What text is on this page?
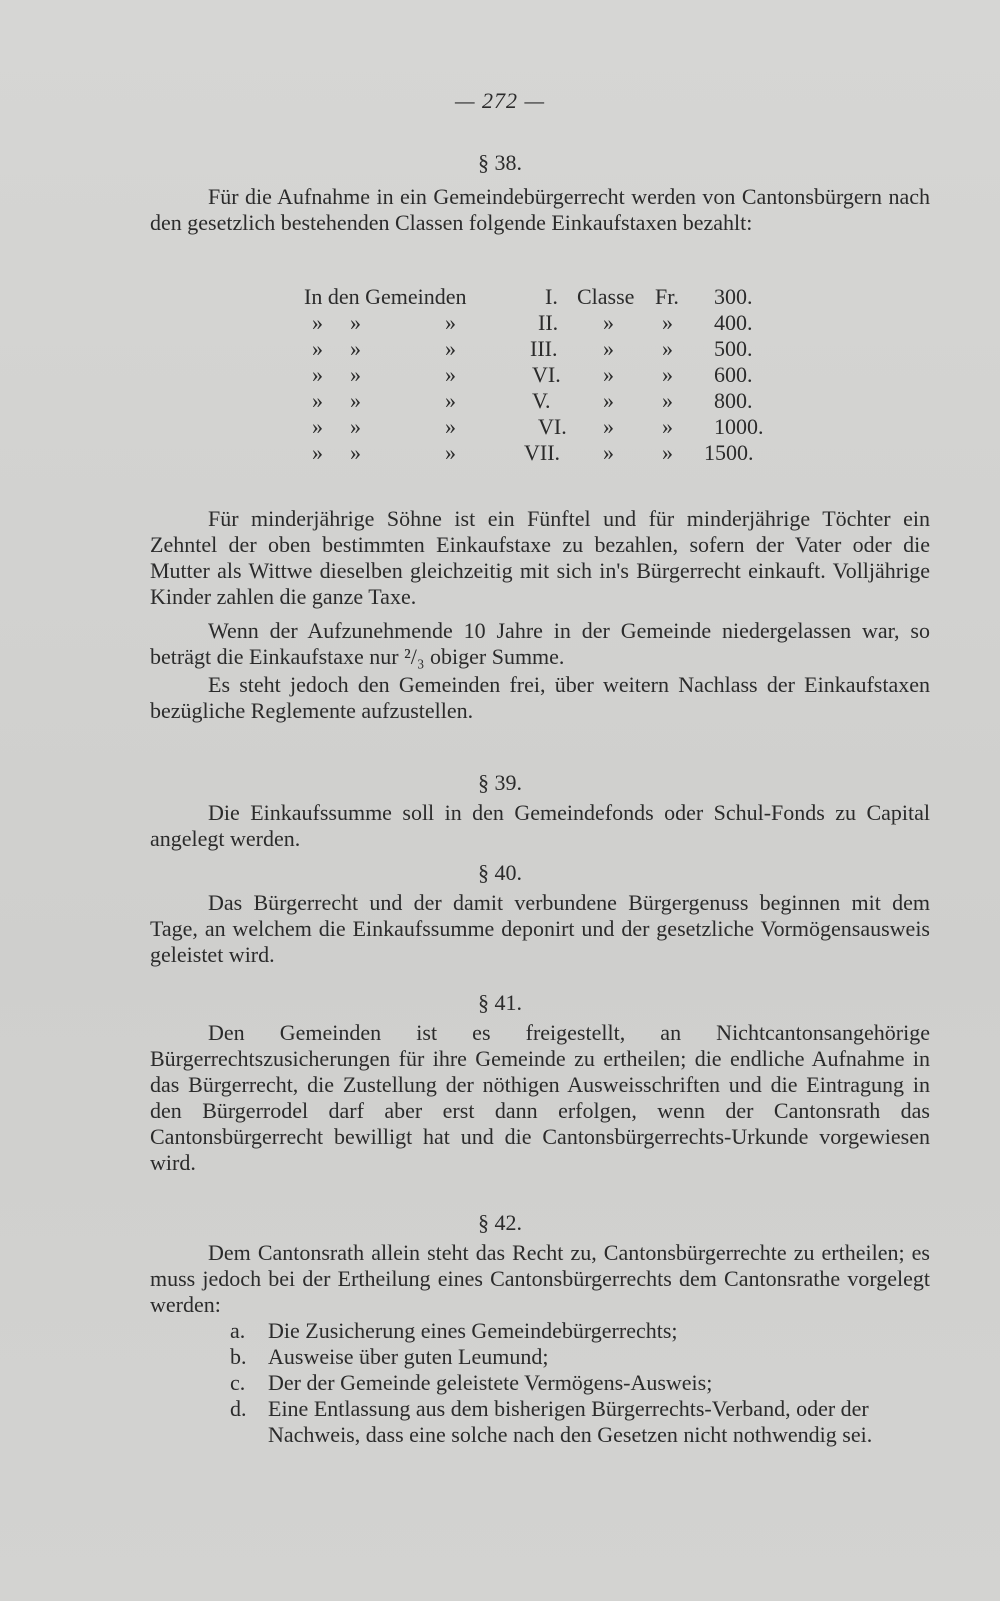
— 272 —
§ 38.

Für die Aufnahme in ein Gemeindebürgerrecht werden von Cantonsbürgern nach den gesetzlich bestehenden Classen folgende Einkaufstaxen bezahlt:

In den Gemeinden	I. Classe Fr. 300.
» »	»	II. » » 400.
» »	»	III. » » 500.
» »	»	VI. » » 600.
» »	»	V. » » 800.
» »	»	VI. » » 1000.
» »	»	VII. » » 1500.

Für minderjährige Söhne ist ein Fünftel und für minderjährige Töchter ein Zehntel der oben bestimmten Einkaufstaxe zu bezahlen, sofern der Vater oder die Mutter als Wittwe dieselben gleichzeitig mit sich in's Bürgerrecht einkauft. Volljährige Kinder zahlen die ganze Taxe.

Wenn der Aufzunehmende 10 Jahre in der Gemeinde niedergelassen war, so beträgt die Einkaufstaxe nur ²/₃ obiger Summe.

Es steht jedoch den Gemeinden frei, über weitern Nachlass der Einkaufstaxen bezügliche Reglemente aufzustellen.

§ 39.

Die Einkaufssumme soll in den Gemeindefonds oder Schul-Fonds zu Capital angelegt werden.

§ 40.

Das Bürgerrecht und der damit verbundene Bürgergenuss beginnen mit dem Tage, an welchem die Einkaufssumme deponirt und der gesetzliche Vormögensausweis geleistet wird.

§ 41.

Den Gemeinden ist es freigestellt, an Nichtcantonsangehörige Bürgerrechtszusicherungen für ihre Gemeinde zu ertheilen; die endliche Aufnahme in das Bürgerrecht, die Zustellung der nöthigen Ausweisschriften und die Eintragung in den Bürgerrodel darf aber erst dann erfolgen, wenn der Cantonsrath das Cantonsbürgerrecht bewilligt hat und die Cantonsbürgerrechts-Urkunde vorgewiesen wird.

§ 42.

Dem Cantonsrath allein steht das Recht zu, Cantonsbürgerrechte zu ertheilen; es muss jedoch bei der Ertheilung eines Cantonsbürgerrechts dem Cantonsrathe vorgelegt werden:

a. Die Zusicherung eines Gemeindebürgerrechts;
b. Ausweise über guten Leumund;
c. Der der Gemeinde geleistete Vermögens-Ausweis;
d. Eine Entlassung aus dem bisherigen Bürgerrechts-Verband, oder der Nachweis, dass eine solche nach den Gesetzen nicht nothwendig sei.
